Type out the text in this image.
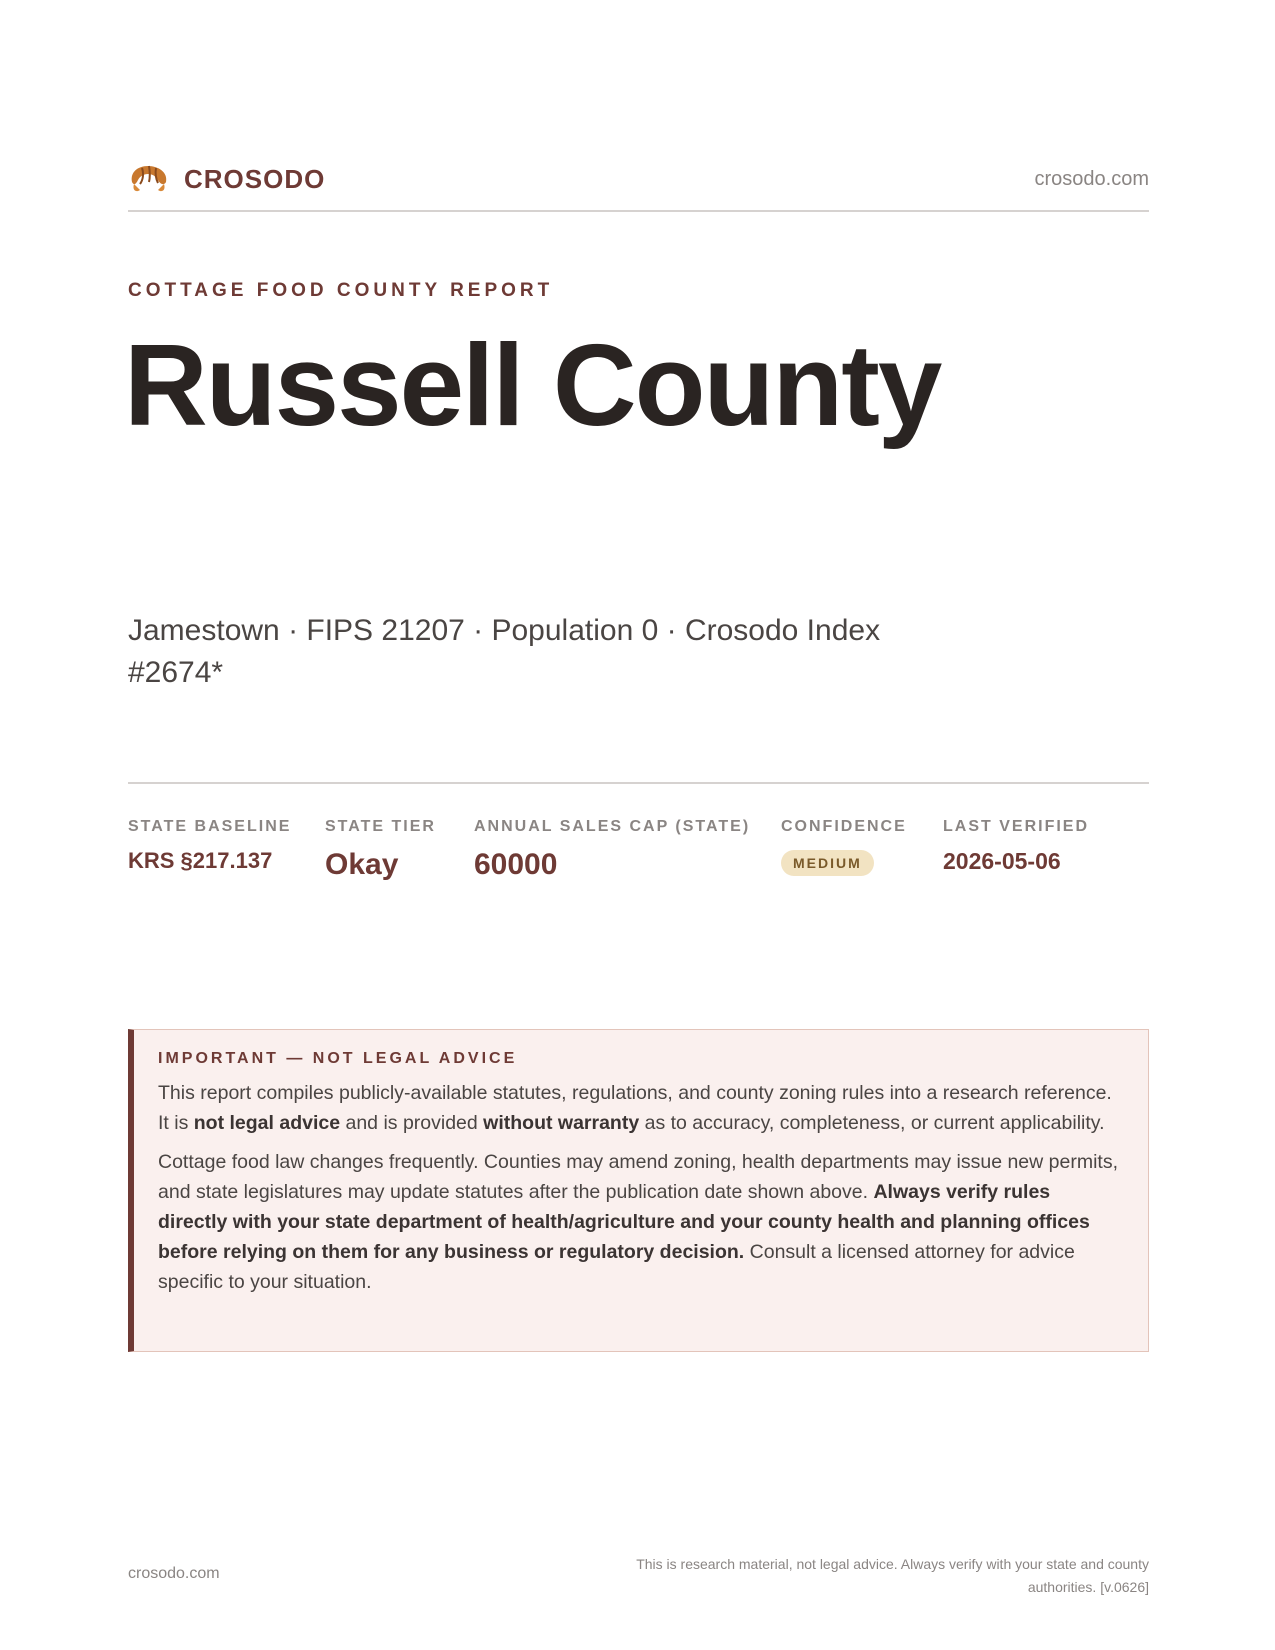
CROSODO	crosodo.com
COTTAGE FOOD COUNTY REPORT
Russell County
Jamestown · FIPS 21207 · Population 0 · Crosodo Index #2674*
STATE BASELINE
KRS §217.137
STATE TIER
Okay
ANNUAL SALES CAP (STATE)
60000
CONFIDENCE
MEDIUM
LAST VERIFIED
2026-05-06
IMPORTANT — NOT LEGAL ADVICE

This report compiles publicly-available statutes, regulations, and county zoning rules into a research reference. It is not legal advice and is provided without warranty as to accuracy, completeness, or current applicability.

Cottage food law changes frequently. Counties may amend zoning, health departments may issue new permits, and state legislatures may update statutes after the publication date shown above. Always verify rules directly with your state department of health/agriculture and your county health and planning offices before relying on them for any business or regulatory decision. Consult a licensed attorney for advice specific to your situation.

crosodo.com
This is research material, not legal advice. Always verify with your state and county authorities. [v.0626]
